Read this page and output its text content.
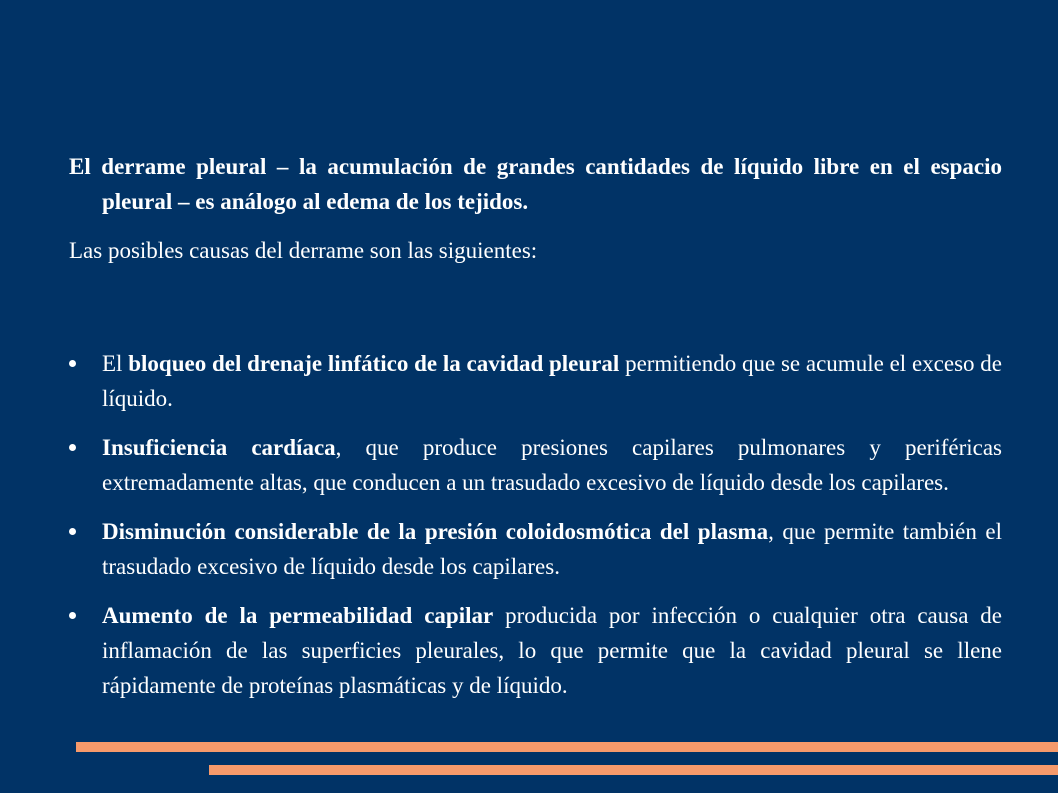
El derrame pleural – la acumulación de grandes cantidades de líquido libre en el espacio pleural – es análogo al edema de los tejidos.

Las posibles causas del derrame son las siguientes:

El bloqueo del drenaje linfático de la cavidad pleural permitiendo que se acumule el exceso de líquido.
Insuficiencia cardíaca, que produce presiones capilares pulmonares y periféricas extremadamente altas, que conducen a un trasudado excesivo de líquido desde los capilares.
Disminución considerable de la presión coloidosmótica del plasma, que permite también el trasudado excesivo de líquido desde los capilares.
Aumento de la permeabilidad capilar producida por infección o cualquier otra causa de inflamación de las superficies pleurales, lo que permite que la cavidad pleural se llene rápidamente de proteínas plasmáticas y de líquido.
